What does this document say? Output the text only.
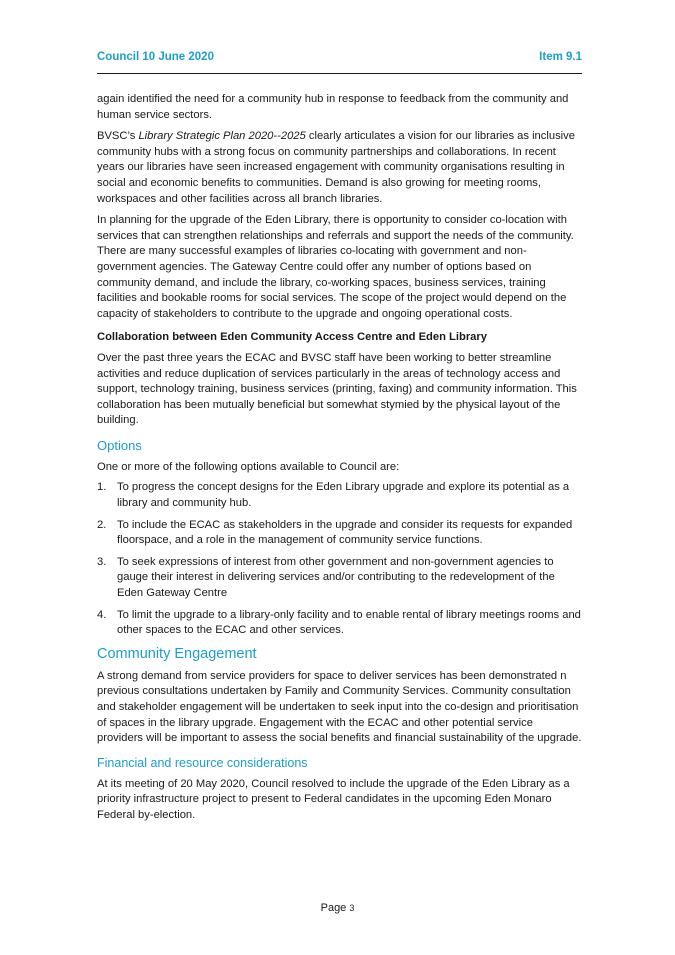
Council 10 June 2020	Item 9.1

again identified the need for a community hub in response to feedback from the community and human service sectors.

BVSC’s Library Strategic Plan 2020--2025 clearly articulates a vision for our libraries as inclusive community hubs with a strong focus on community partnerships and collaborations. In recent years our libraries have seen increased engagement with community organisations resulting in social and economic benefits to communities. Demand is also growing for meeting rooms, workspaces and other facilities across all branch libraries.

In planning for the upgrade of the Eden Library, there is opportunity to consider co-location with services that can strengthen relationships and referrals and support the needs of the community. There are many successful examples of libraries co-locating with government and non-government agencies. The Gateway Centre could offer any number of options based on community demand, and include the library, co-working spaces, business services, training facilities and bookable rooms for social services. The scope of the project would depend on the capacity of stakeholders to contribute to the upgrade and ongoing operational costs.

Collaboration between Eden Community Access Centre and Eden Library

Over the past three years the ECAC and BVSC staff have been working to better streamline activities and reduce duplication of services particularly in the areas of technology access and support, technology training, business services (printing, faxing) and community information. This collaboration has been mutually beneficial but somewhat stymied by the physical layout of the building.

Options

One or more of the following options available to Council are:

1. To progress the concept designs for the Eden Library upgrade and explore its potential as a library and community hub.
2. To include the ECAC as stakeholders in the upgrade and consider its requests for expanded floorspace, and a role in the management of community service functions.
3. To seek expressions of interest from other government and non-government agencies to gauge their interest in delivering services and/or contributing to the redevelopment of the Eden Gateway Centre
4. To limit the upgrade to a library-only facility and to enable rental of library meetings rooms and other spaces to the ECAC and other services.
Community Engagement

A strong demand from service providers for space to deliver services has been demonstrated n previous consultations undertaken by Family and Community Services. Community consultation and stakeholder engagement will be undertaken to seek input into the co-design and prioritisation of spaces in the library upgrade. Engagement with the ECAC and other potential service providers will be important to assess the social benefits and financial sustainability of the upgrade.

Financial and resource considerations

At its meeting of 20 May 2020, Council resolved to include the upgrade of the Eden Library as a priority infrastructure project to present to Federal candidates in the upcoming Eden Monaro Federal by-election.

Page 3
